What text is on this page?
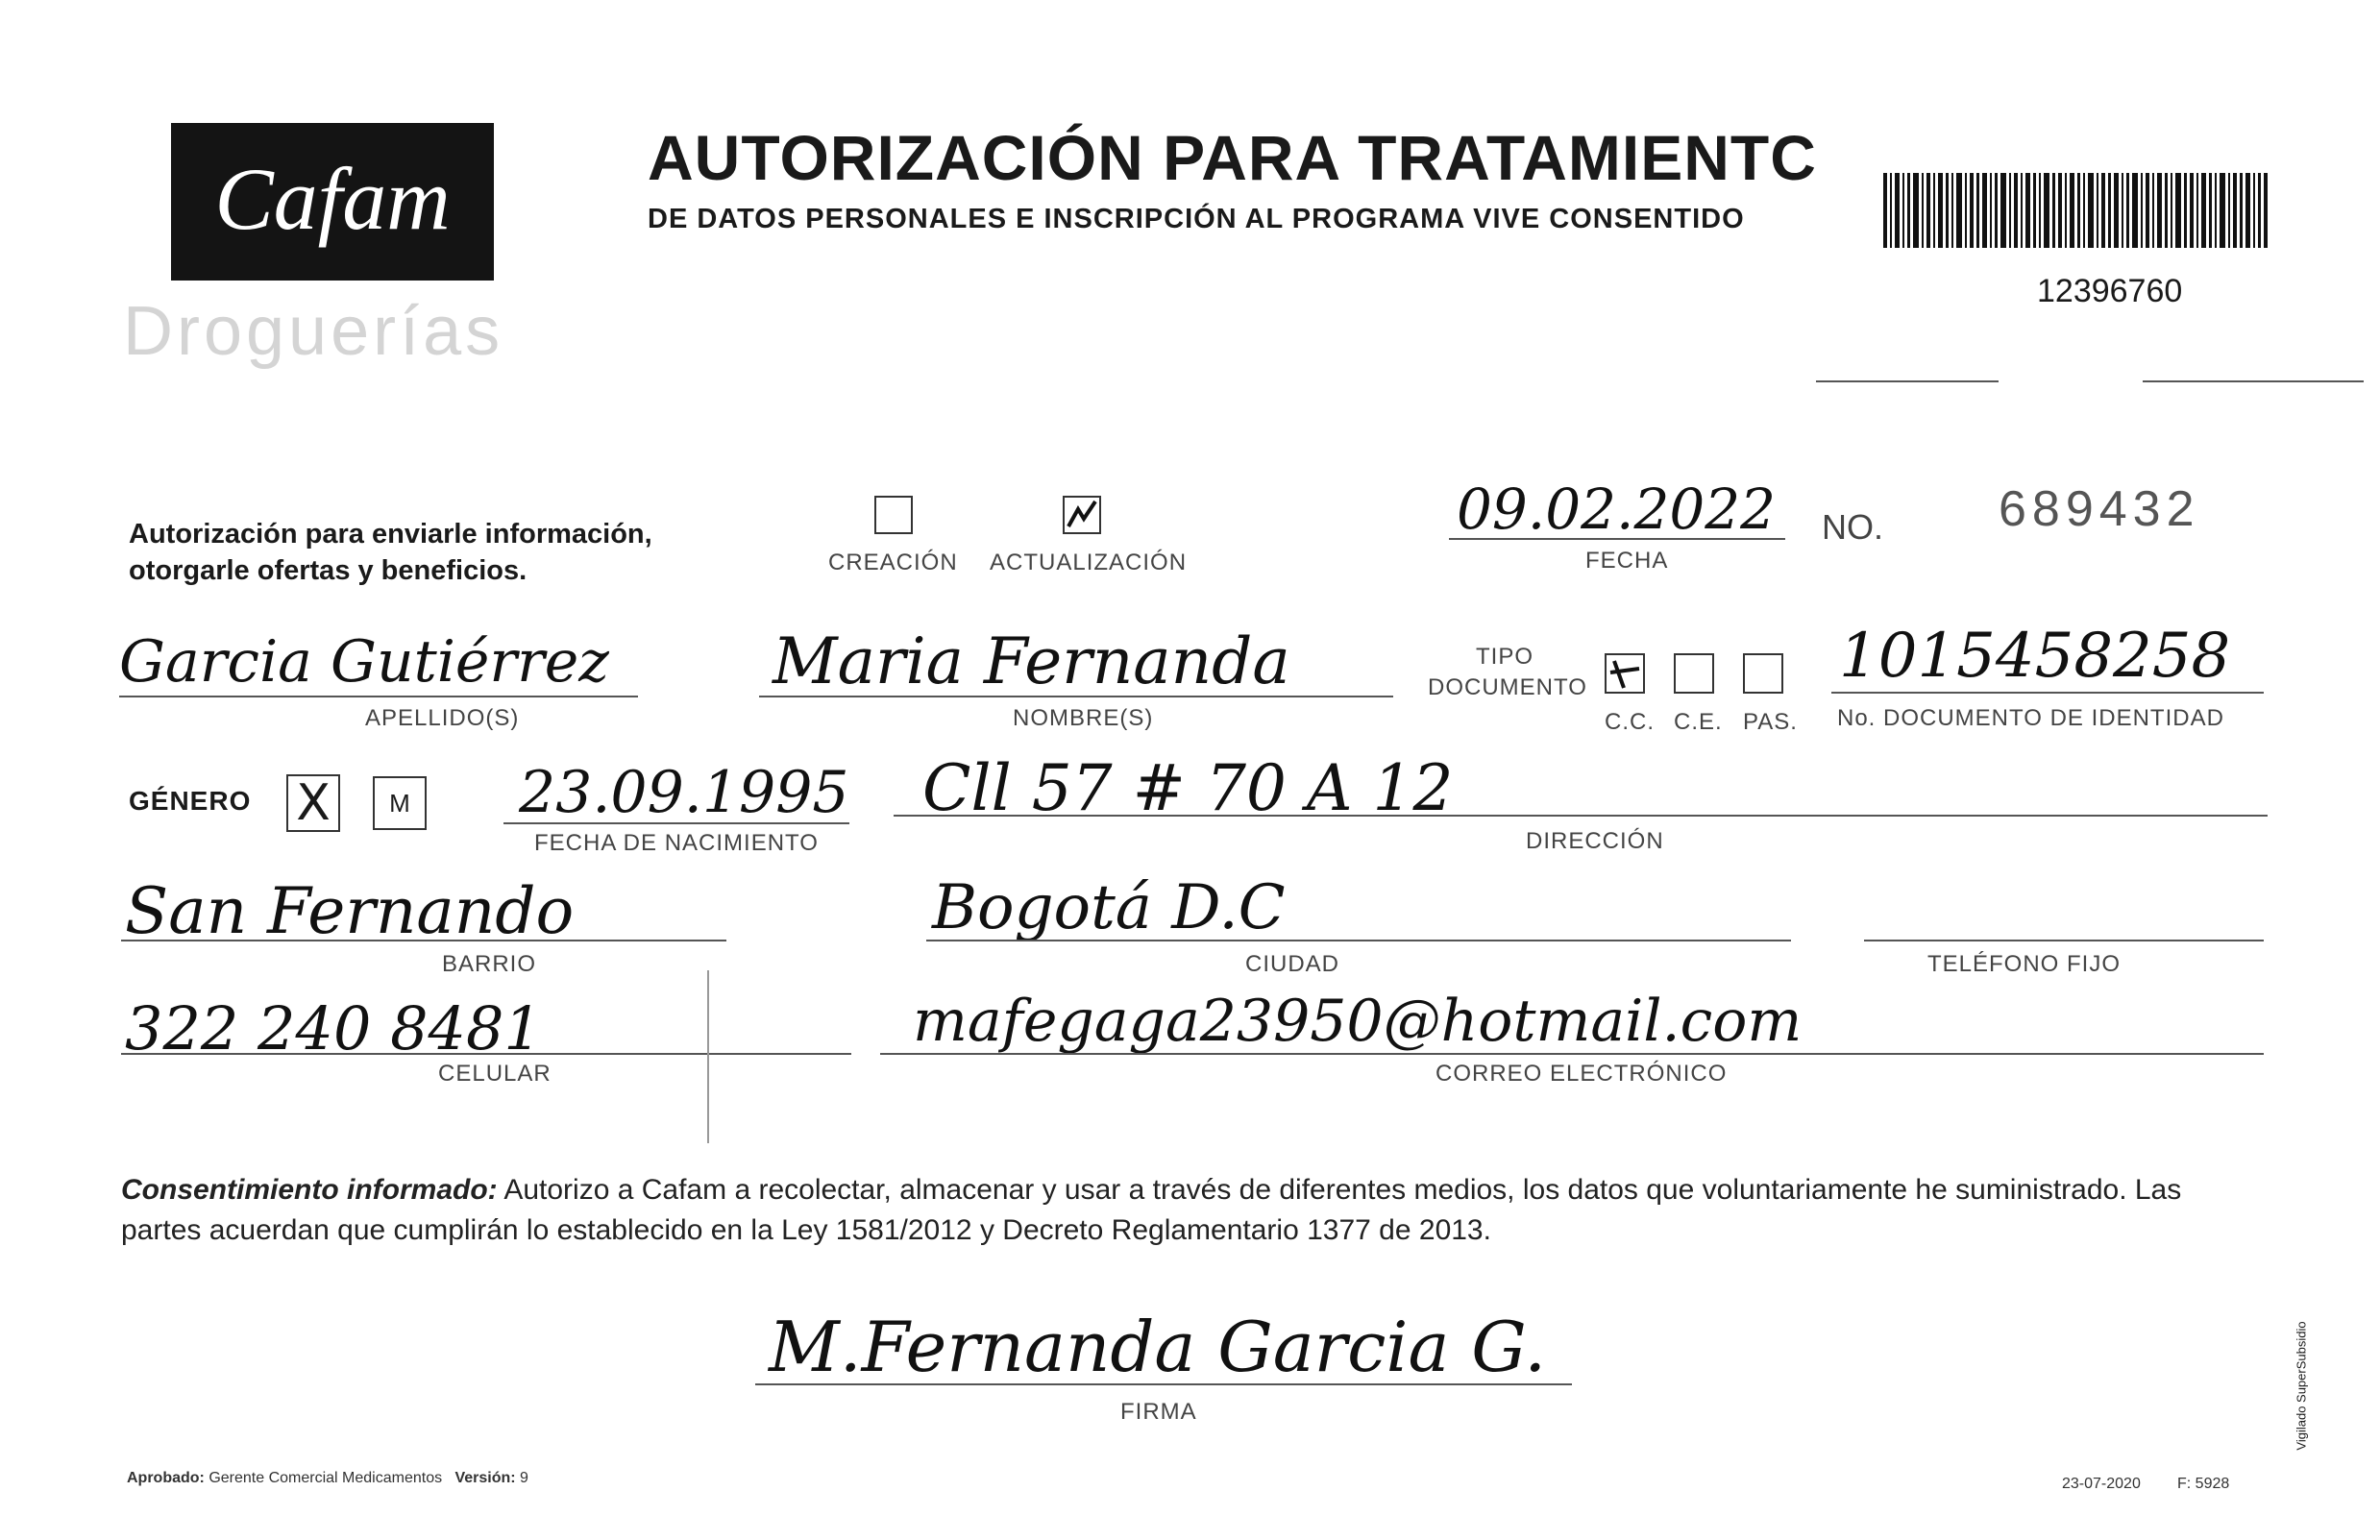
Cafam
Droguerías
AUTORIZACIÓN PARA TRATAMIENTC
DE DATOS PERSONALES E INSCRIPCIÓN AL PROGRAMA VIVE CONSENTIDO
12396760
Autorización para enviarle información,
otorgarle ofertas y beneficios.	CREACIÓN ACTUALIZACIÓN
09.02.2022
FECHA
NO. 689432
Garcia Gutiérrez
APELLIDO(S)
Maria Fernanda
NOMBRE(S)
TIPO
DOCUMENTO
C.C. C.E. PAS.
1015458258
No. DOCUMENTO DE IDENTIDAD
GÉNERO X	M 23.09.1995
FECHA DE NACIMIENTO
Cll 57 # 70 A 12
DIRECCIÓN
San Fernando
BARRIO
Bogotá D.C
CIUDAD	TELÉFONO FIJO
322 240 8481
CELULAR
mafegaga23950@hotmail.com
CORREO ELECTRÓNICO
Consentimiento informado: Autorizo a Cafam a recolectar, almacenar y usar a través de diferentes medios, los datos que voluntariamente he suministrado. Las partes acuerdan que cumplirán lo establecido en la Ley 1581/2012 y Decreto Reglamentario 1377 de 2013.
M.Fernanda Garcia G.
FIRMA
Aprobado: Gerente Comercial Medicamentos Versión: 9	23-07-2020 F: 5928
Vigilado SuperSubsidio
